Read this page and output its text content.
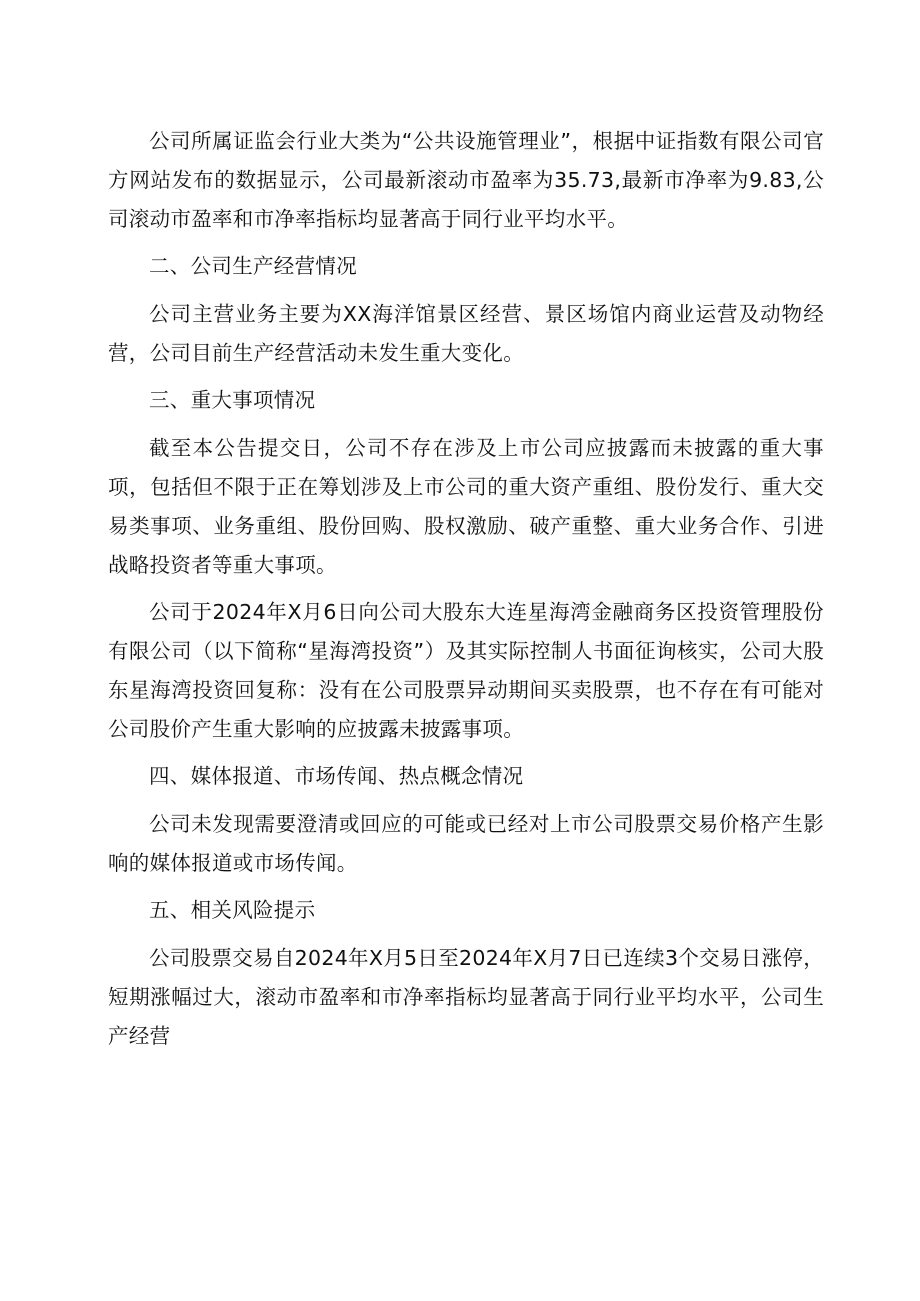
公司所属证监会行业大类为“公共设施管理业”，根据中证指数有限公司官方网站发布的数据显示，公司最新滚动市盈率为35.73,最新市净率为9.83,公司滚动市盈率和市净率指标均显著高于同行业平均水平。

二、公司生产经营情况

公司主营业务主要为XX海洋馆景区经营、景区场馆内商业运营及动物经营，公司目前生产经营活动未发生重大变化。

三、重大事项情况

截至本公告提交日，公司不存在涉及上市公司应披露而未披露的重大事项，包括但不限于正在筹划涉及上市公司的重大资产重组、股份发行、重大交易类事项、业务重组、股份回购、股权激励、破产重整、重大业务合作、引进战略投资者等重大事项。

公司于2024年X月6日向公司大股东大连星海湾金融商务区投资管理股份有限公司（以下简称“星海湾投资”）及其实际控制人书面征询核实，公司大股东星海湾投资回复称：没有在公司股票异动期间买卖股票，也不存在有可能对公司股价产生重大影响的应披露未披露事项。

四、媒体报道、市场传闻、热点概念情况

公司未发现需要澄清或回应的可能或已经对上市公司股票交易价格产生影响的媒体报道或市场传闻。

五、相关风险提示

公司股票交易自2024年X月5日至2024年X月7日已连续3个交易日涨停，短期涨幅过大，滚动市盈率和市净率指标均显著高于同行业平均水平，公司生产经营
